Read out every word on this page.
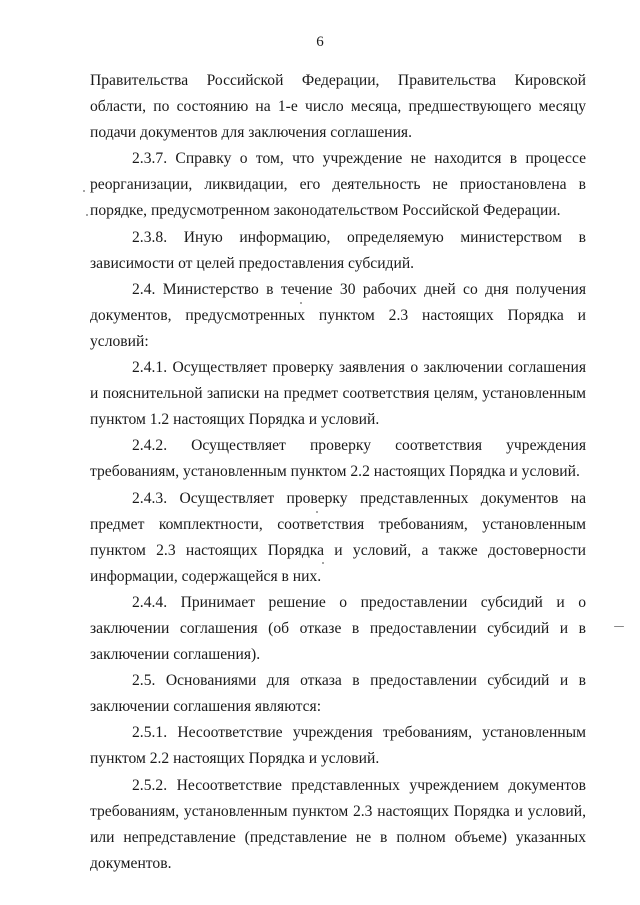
6

Правительства Российской Федерации, Правительства Кировской области, по состоянию на 1-е число месяца, предшествующего месяцу подачи документов для заключения соглашения.

2.3.7. Справку о том, что учреждение не находится в процессе реорганизации, ликвидации, его деятельность не приостановлена в порядке, предусмотренном законодательством Российской Федерации.

2.3.8. Иную информацию, определяемую министерством в зависимости от целей предоставления субсидий.

2.4. Министерство в течение 30 рабочих дней со дня получения документов, предусмотренных пунктом 2.3 настоящих Порядка и условий:

2.4.1. Осуществляет проверку заявления о заключении соглашения и пояснительной записки на предмет соответствия целям, установленным пунктом 1.2 настоящих Порядка и условий.

2.4.2. Осуществляет проверку соответствия учреждения требованиям, установленным пунктом 2.2 настоящих Порядка и условий.

2.4.3. Осуществляет проверку представленных документов на предмет комплектности, соответствия требованиям, установленным пунктом 2.3 настоящих Порядка и условий, а также достоверности информации, содержащейся в них.

2.4.4. Принимает решение о предоставлении субсидий и о заключении соглашения (об отказе в предоставлении субсидий и в заключении соглашения).

2.5. Основаниями для отказа в предоставлении субсидий и в заключении соглашения являются:

2.5.1. Несоответствие учреждения требованиям, установленным пунктом 2.2 настоящих Порядка и условий.

2.5.2. Несоответствие представленных учреждением документов требованиям, установленным пунктом 2.3 настоящих Порядка и условий, или непредставление (представление не в полном объеме) указанных документов.
